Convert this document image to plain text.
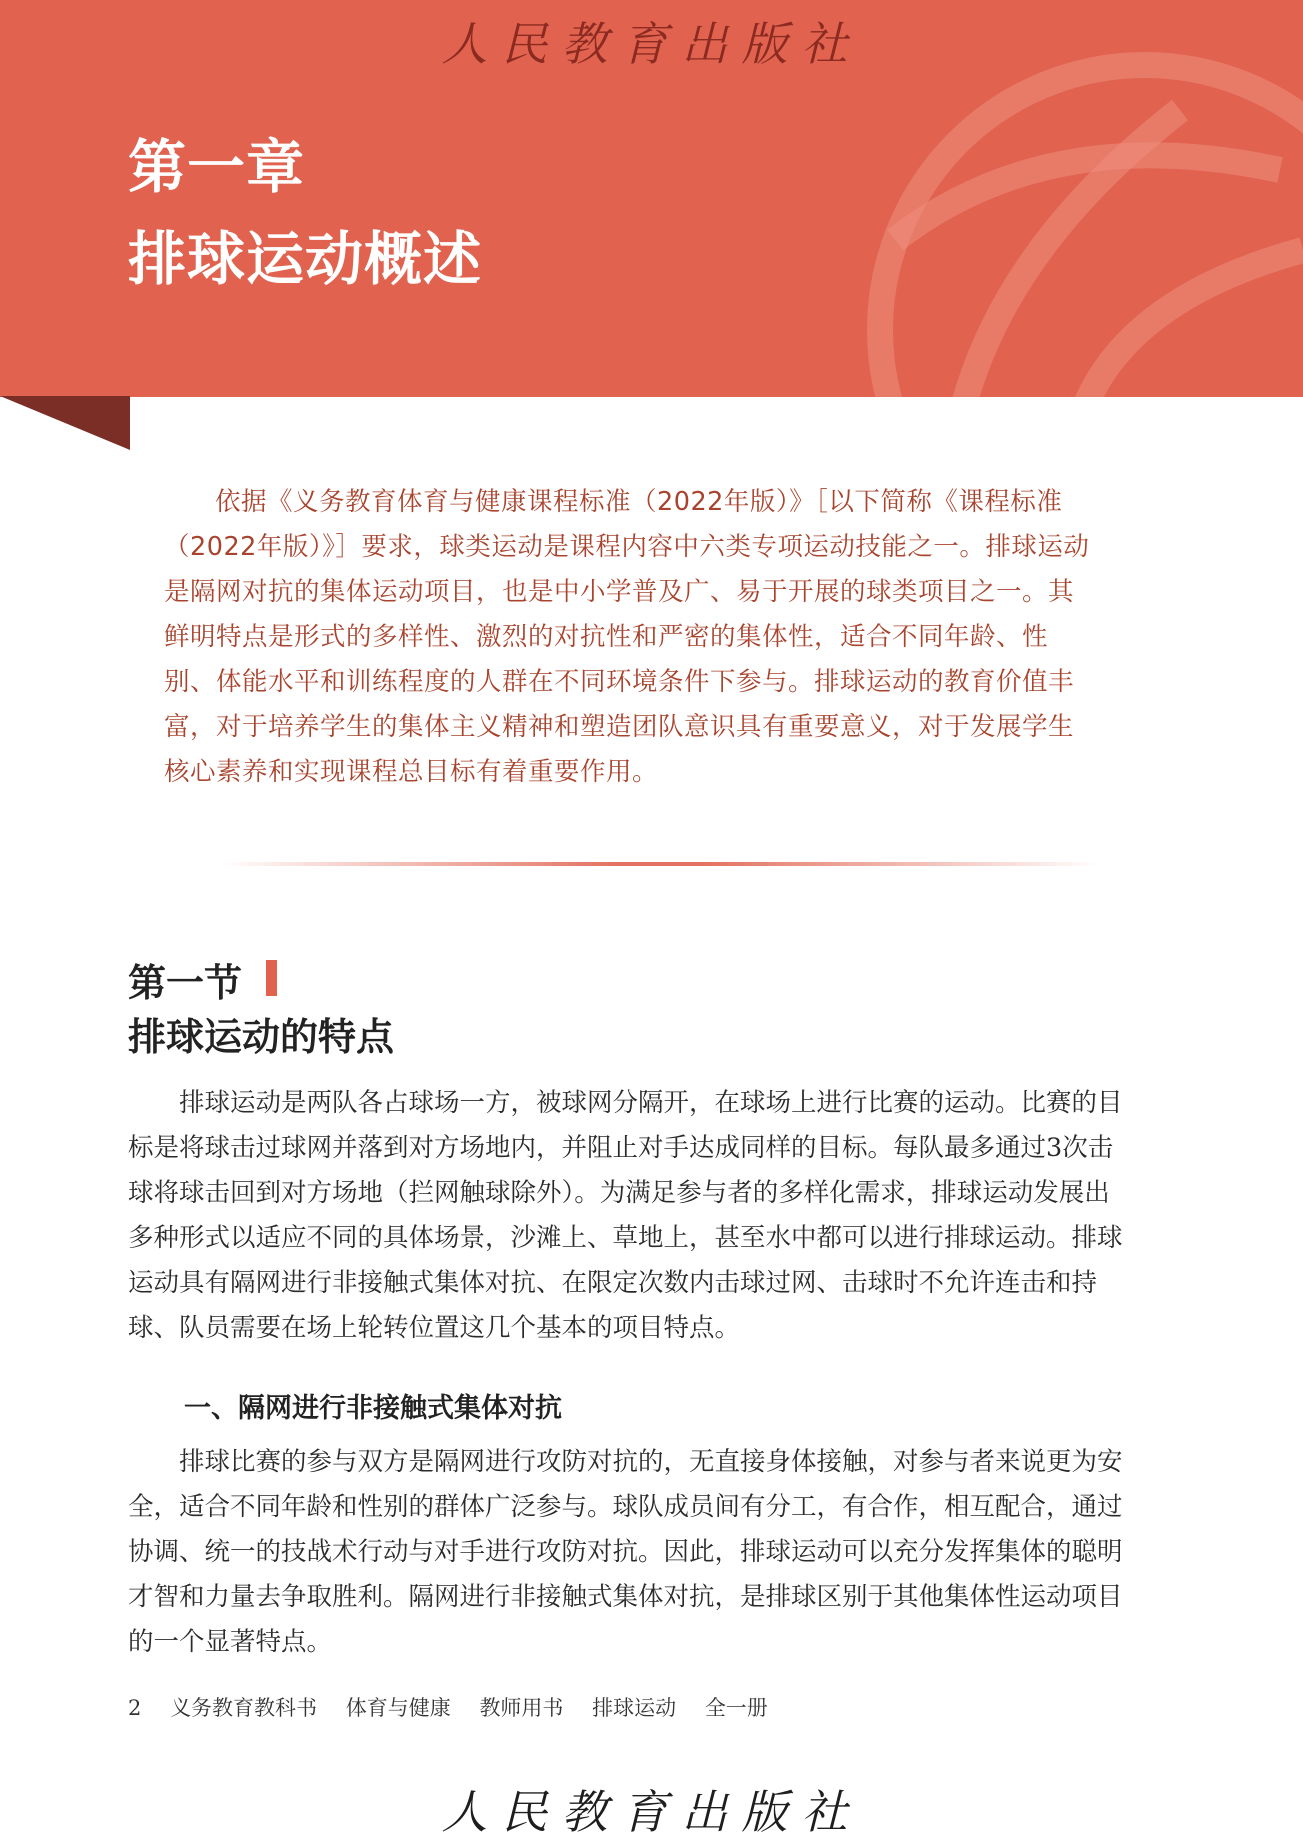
人民教育出版社
第一章
排球运动概述

依据《义务教育体育与健康课程标准（2022年版）》［以下简称《课程标准（2022年版）》］要求，球类运动是课程内容中六类专项运动技能之一。排球运动是隔网对抗的集体运动项目，也是中小学普及广、易于开展的球类项目之一。其鲜明特点是形式的多样性、激烈的对抗性和严密的集体性，适合不同年龄、性别、体能水平和训练程度的人群在不同环境条件下参与。排球运动的教育价值丰富，对于培养学生的集体主义精神和塑造团队意识具有重要意义，对于发展学生核心素养和实现课程总目标有着重要作用。

第一节
排球运动的特点

排球运动是两队各占球场一方，被球网分隔开，在球场上进行比赛的运动。比赛的目标是将球击过球网并落到对方场地内，并阻止对手达成同样的目标。每队最多通过3次击球将球击回到对方场地（拦网触球除外）。为满足参与者的多样化需求，排球运动发展出多种形式以适应不同的具体场景，沙滩上、草地上，甚至水中都可以进行排球运动。排球运动具有隔网进行非接触式集体对抗、在限定次数内击球过网、击球时不允许连击和持球、队员需要在场上轮转位置这几个基本的项目特点。

一、隔网进行非接触式集体对抗

排球比赛的参与双方是隔网进行攻防对抗的，无直接身体接触，对参与者来说更为安全，适合不同年龄和性别的群体广泛参与。球队成员间有分工，有合作，相互配合，通过协调、统一的技战术行动与对手进行攻防对抗。因此，排球运动可以充分发挥集体的聪明才智和力量去争取胜利。隔网进行非接触式集体对抗，是排球区别于其他集体性运动项目的一个显著特点。

2 义务教育教科书 体育与健康 教师用书 排球运动 全一册
人民教育出版社
